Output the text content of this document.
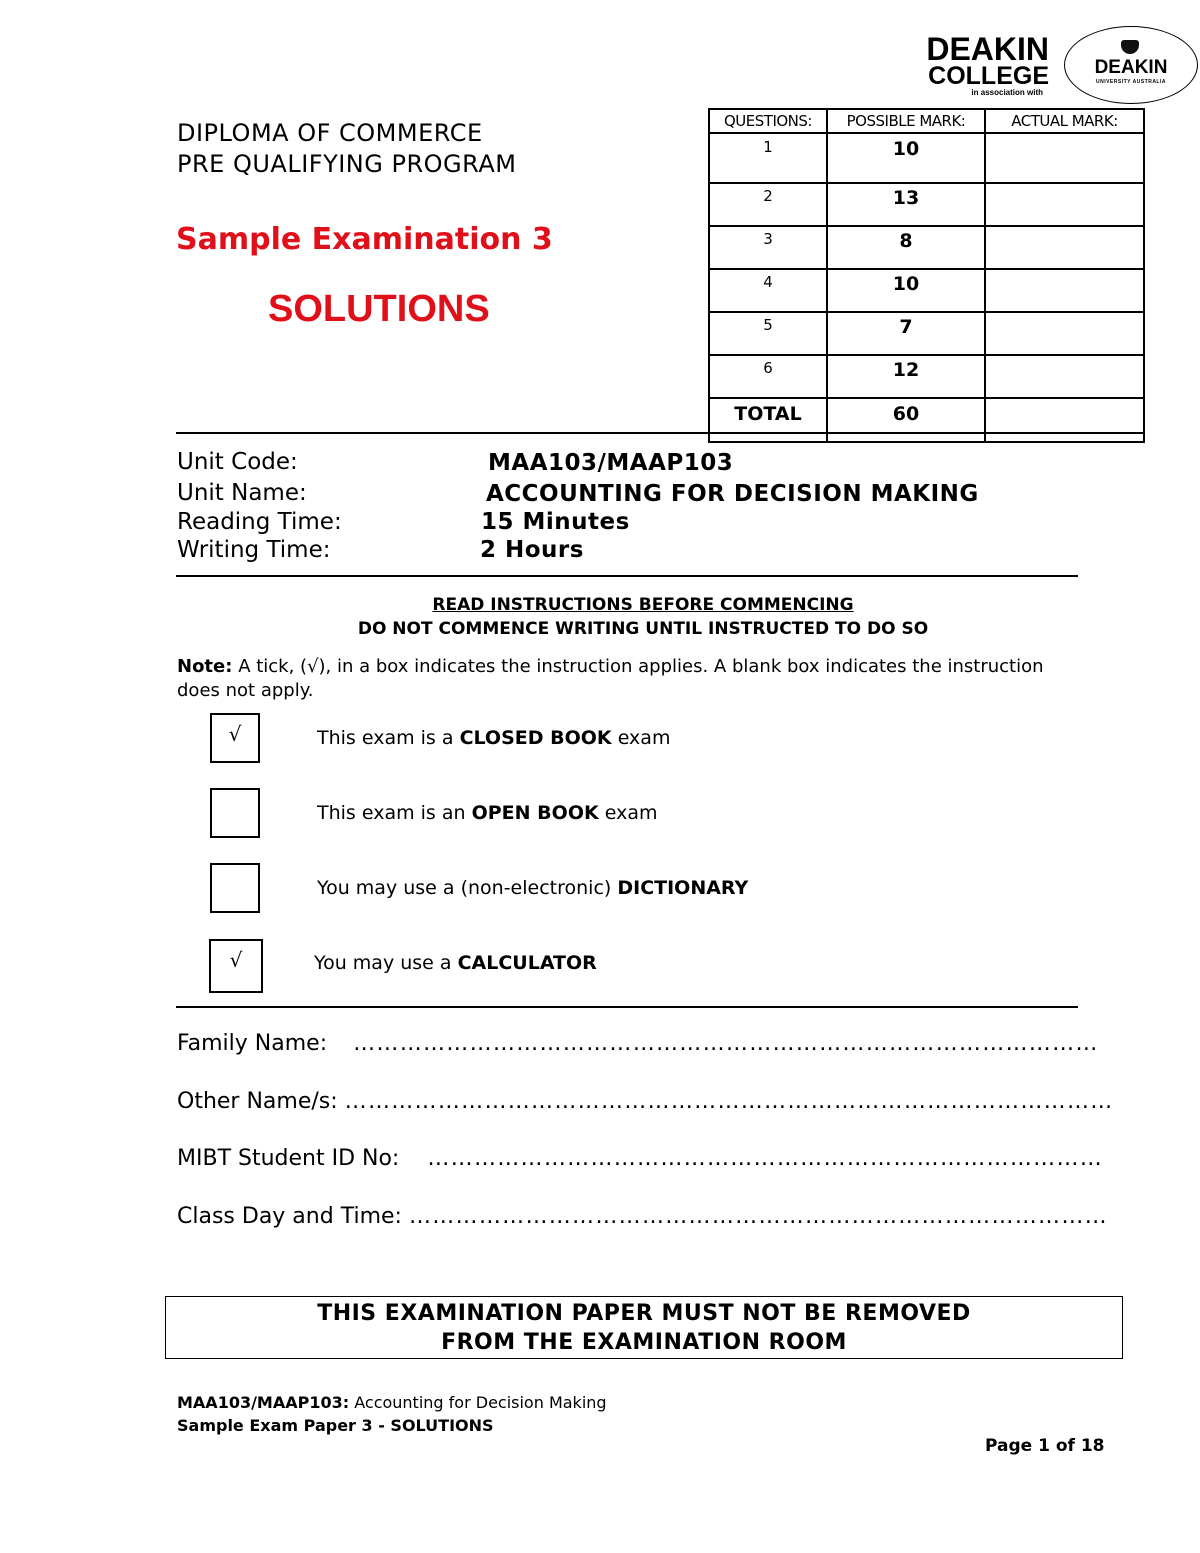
DEAKIN
COLLEGE
in association with
DEAKIN
UNIVERSITY AUSTRALIA
DIPLOMA OF COMMERCE
PRE QUALIFYING PROGRAM
Sample Examination 3
SOLUTIONS
QUESTIONS:	POSSIBLE MARK:	ACTUAL MARK:
1	10	
2	13	
3	8	
4	10	
5	7	
6	12	
TOTAL	60	
Unit Code:	MAA103/MAAP103
Unit Name:	ACCOUNTING FOR DECISION MAKING
Reading Time:	15 Minutes
Writing Time:	2 Hours
READ INSTRUCTIONS BEFORE COMMENCING
DO NOT COMMENCE WRITING UNTIL INSTRUCTED TO DO SO
Note: A tick, (√), in a box indicates the instruction applies. A blank box indicates the instruction does not apply.
√	This exam is a CLOSED BOOK exam
This exam is an OPEN BOOK exam
You may use a (non-electronic) DICTIONARY
√	You may use a CALCULATOR
Family Name: ……………………………………………………………………………………
Other Name/s: ………………………………………………………………………………………
MIBT Student ID No: ……………………………………………………………………………
Class Day and Time: ………………………………………………………………………………
THIS EXAMINATION PAPER MUST NOT BE REMOVED
FROM THE EXAMINATION ROOM
MAA103/MAAP103: Accounting for Decision Making
Sample Exam Paper 3 - SOLUTIONS
Page 1 of 18
